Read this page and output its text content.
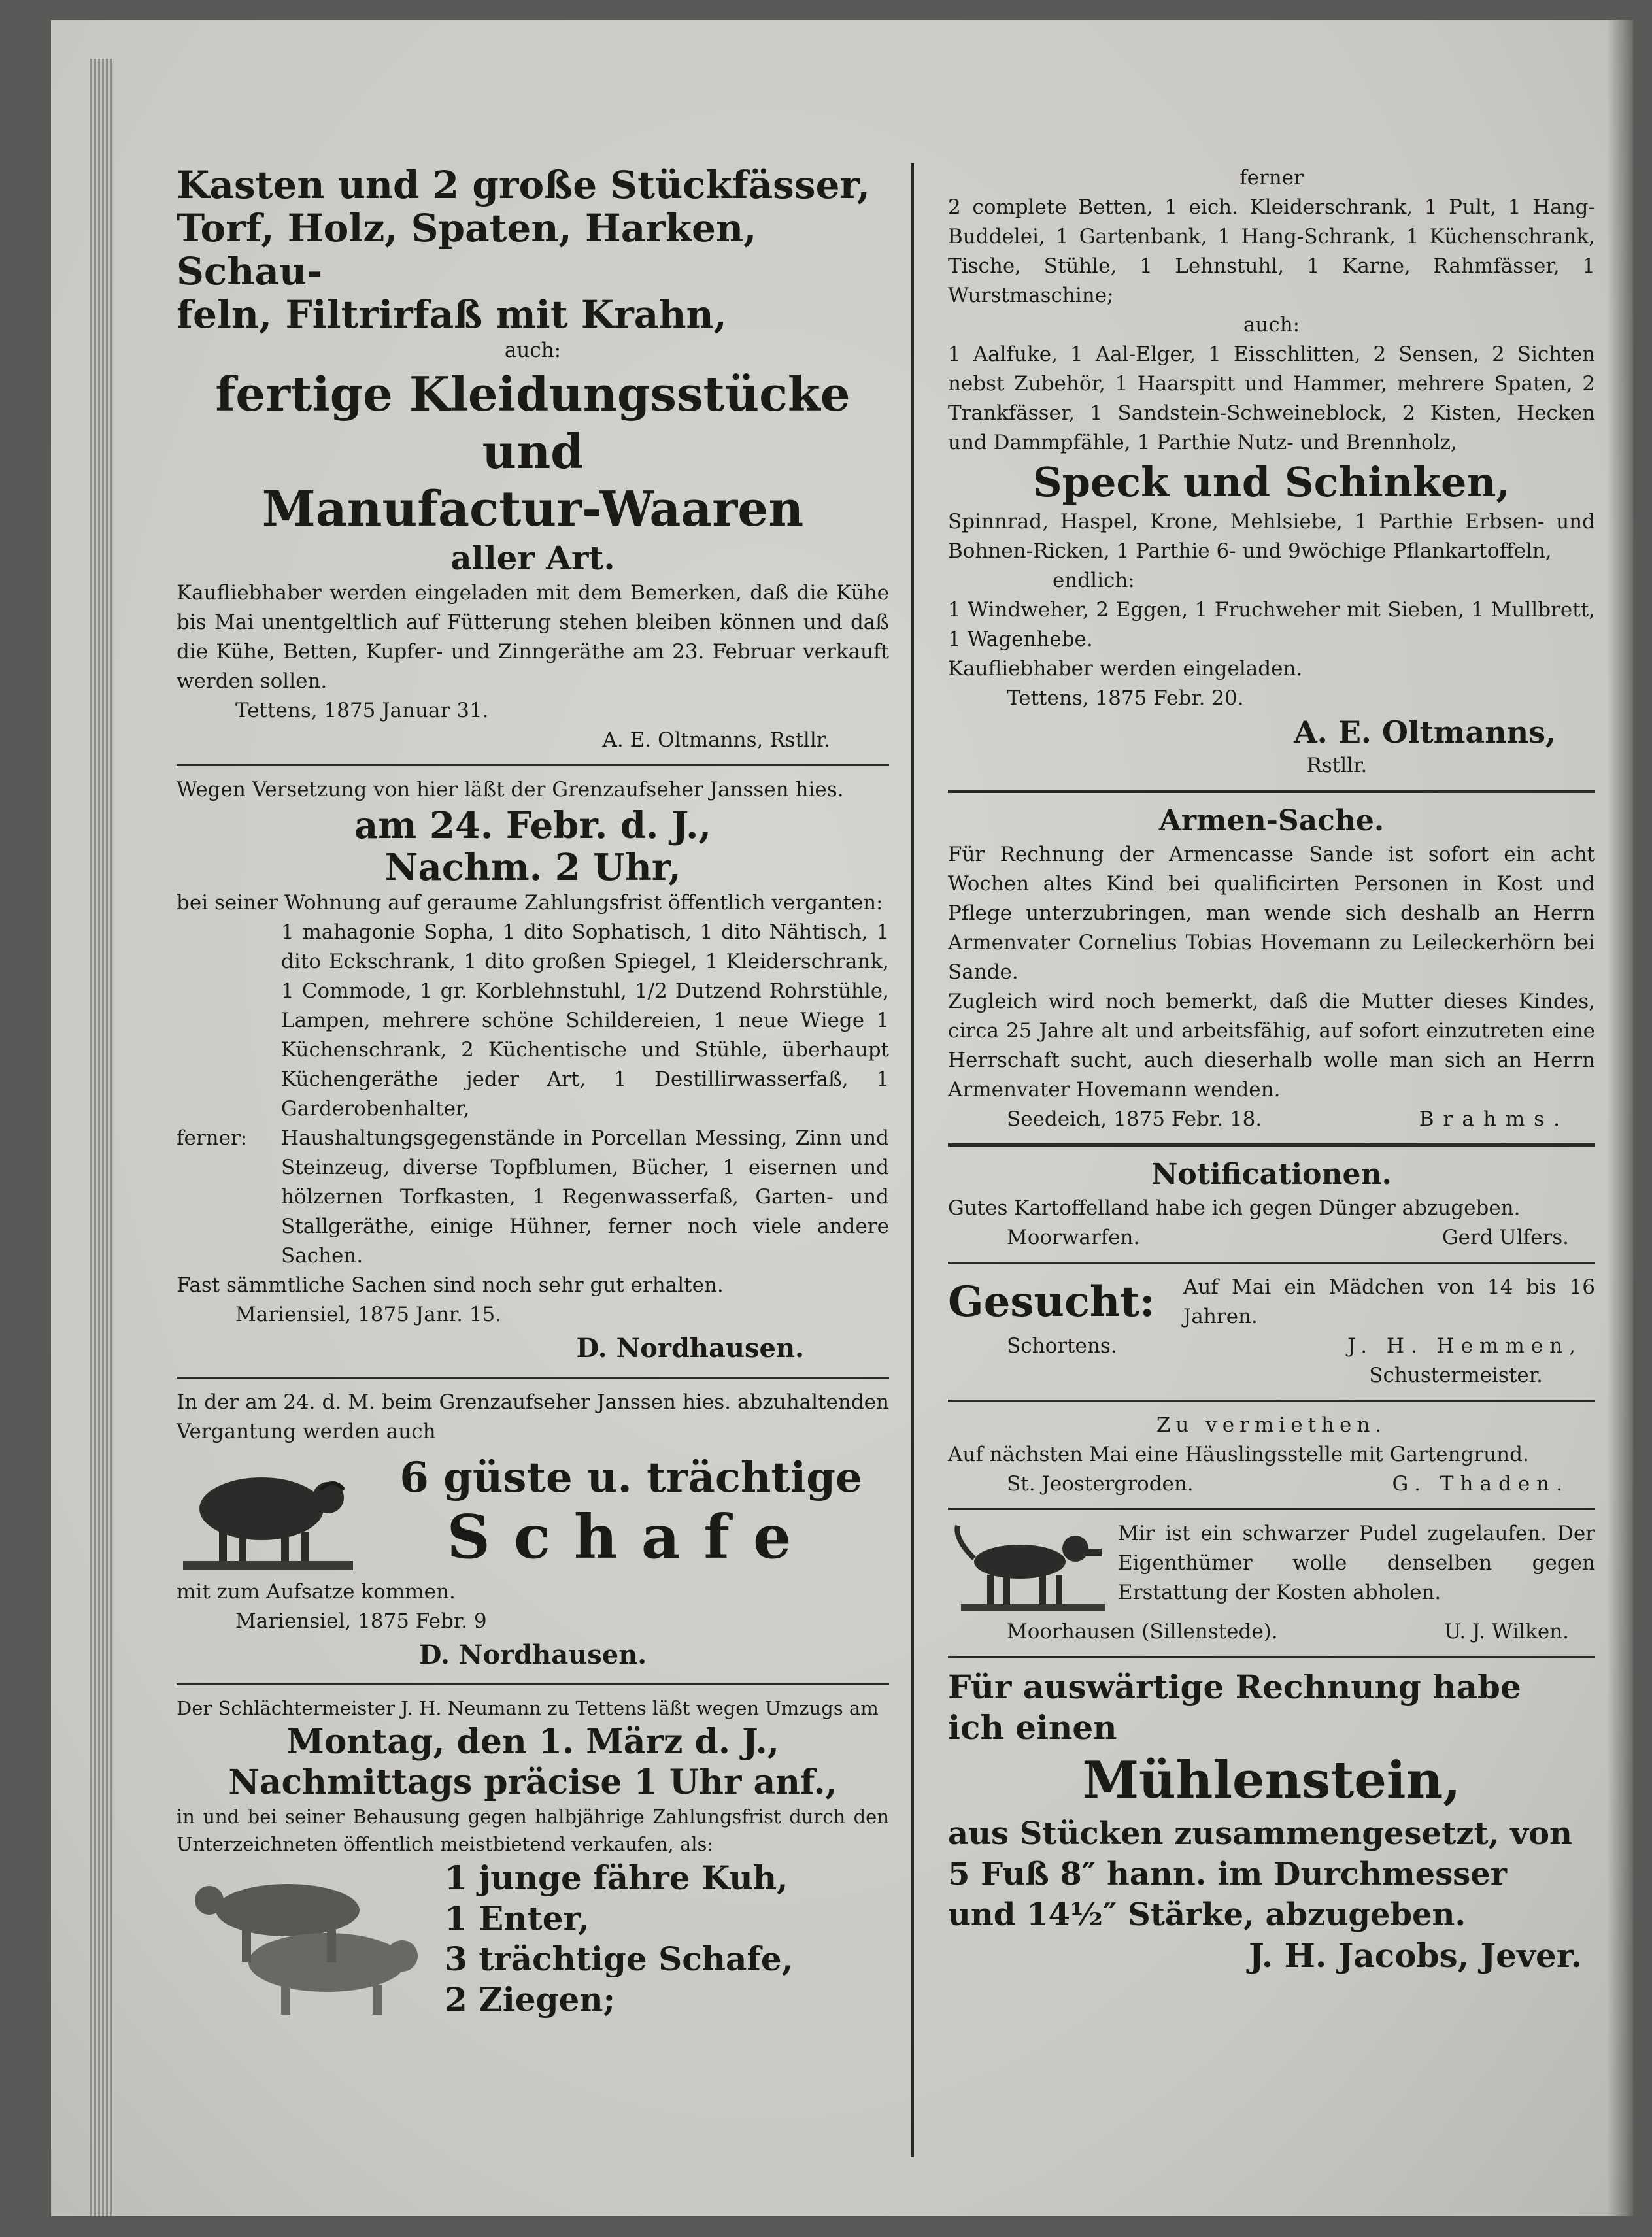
Kasten und 2 große Stückfässer,
Torf, Holz, Spaten, Harken, Schau-
feln, Filtrirfaß mit Krahn,
auch:
fertige Kleidungsstücke und
Manufactur-Waaren
aller Art.
Kaufliebhaber werden eingeladen mit dem Bemerken, daß die Kühe bis Mai unentgeltlich auf Fütterung stehen bleiben können und daß die Kühe, Betten, Kupfer- und Zinngeräthe am 23. Februar verkauft werden sollen.
Tettens, 1875 Januar 31.
A. E. Oltmanns, Rstllr.
Wegen Versetzung von hier läßt der Grenzaufseher Janssen hies.
am 24. Febr. d. J.,
Nachm. 2 Uhr,
bei seiner Wohnung auf geraume Zahlungsfrist öffentlich verganten:
1 mahagonie Sopha, 1 dito Sophatisch, 1 dito Nähtisch, 1 dito Eckschrank, 1 dito großen Spiegel, 1 Kleiderschrank, 1 Commode, 1 gr. Korblehnstuhl, 1/2 Dutzend Rohrstühle, Lampen, mehrere schöne Schildereien, 1 neue Wiege 1 Küchenschrank, 2 Küchentische und Stühle, überhaupt Küchengeräthe jeder Art, 1 Destillirwasserfaß, 1 Garderobenhalter,
ferner:	Haushaltungsgegenstände in Porcellan Messing, Zinn und Steinzeug, diverse Topfblumen, Bücher, 1 eisernen und hölzernen Torfkasten, 1 Regenwasserfaß, Garten- und Stallgeräthe, einige Hühner, ferner noch viele andere Sachen.
Fast sämmtliche Sachen sind noch sehr gut erhalten.
Mariensiel, 1875 Janr. 15.
D. Nordhausen.
In der am 24. d. M. beim Grenzaufseher Janssen hies. abzuhaltenden Vergantung werden auch
6 güste u. trächtige
Schafe
mit zum Aufsatze kommen.
Mariensiel, 1875 Febr. 9
D. Nordhausen.
Der Schlächtermeister J. H. Neumann zu Tettens läßt wegen Umzugs am
Montag, den 1. März d. J.,
Nachmittags präcise 1 Uhr anf.,
in und bei seiner Behausung gegen halbjährige Zahlungsfrist durch den Unterzeichneten öffentlich meistbietend verkaufen, als:
1 junge fähre Kuh,
1 Enter,
3 trächtige Schafe,
2 Ziegen;
ferner
2 complete Betten, 1 eich. Kleiderschrank, 1 Pult, 1 Hang-Buddelei, 1 Gartenbank, 1 Hang-Schrank, 1 Küchenschrank, Tische, Stühle, 1 Lehnstuhl, 1 Karne, Rahmfässer, 1 Wurstmaschine;
auch:
1 Aalfuke, 1 Aal-Elger, 1 Eisschlitten, 2 Sensen, 2 Sichten nebst Zubehör, 1 Haarspitt und Hammer, mehrere Spaten, 2 Trankfässer, 1 Sandstein-Schweineblock, 2 Kisten, Hecken und Dammpfähle, 1 Parthie Nutz- und Brennholz,
Speck und Schinken,
Spinnrad, Haspel, Krone, Mehlsiebe, 1 Parthie Erbsen- und Bohnen-Ricken, 1 Parthie 6- und 9wöchige Pflankartoffeln,
endlich:
1 Windweher, 2 Eggen, 1 Fruchweher mit Sieben, 1 Mullbrett, 1 Wagenhebe.
Kaufliebhaber werden eingeladen.
Tettens, 1875 Febr. 20.
A. E. Oltmanns,
Rstllr.
Armen-Sache.
Für Rechnung der Armencasse Sande ist sofort ein acht Wochen altes Kind bei qualificirten Personen in Kost und Pflege unterzubringen, man wende sich deshalb an Herrn Armenvater Cornelius Tobias Hovemann zu Leileckerhörn bei Sande.
Zugleich wird noch bemerkt, daß die Mutter dieses Kindes, circa 25 Jahre alt und arbeitsfähig, auf sofort einzutreten eine Herrschaft sucht, auch dieserhalb wolle man sich an Herrn Armenvater Hovemann wenden.
Seedeich, 1875 Febr. 18.	Brahms.
Notificationen.
Gutes Kartoffelland habe ich gegen Dünger abzugeben.
Moorwarfen.	Gerd Ulfers.
Gesucht:	Auf Mai ein Mädchen von 14 bis 16 Jahren.
Schortens.	J. H. Hemmen,
Schustermeister.
Zu vermiethen.
Auf nächsten Mai eine Häuslingsstelle mit Gartengrund.
St. Jeostergroden.	G. Thaden.
Mir ist ein schwarzer Pudel zugelaufen. Der Eigenthümer wolle denselben gegen Erstattung der Kosten abholen.
Moorhausen (Sillenstede).	U. J. Wilken.
Für auswärtige Rechnung habe
ich einen
Mühlenstein,
aus Stücken zusammengesetzt, von
5 Fuß 8″ hann. im Durchmesser
und 14½″ Stärke, abzugeben.
J. H. Jacobs, Jever.
